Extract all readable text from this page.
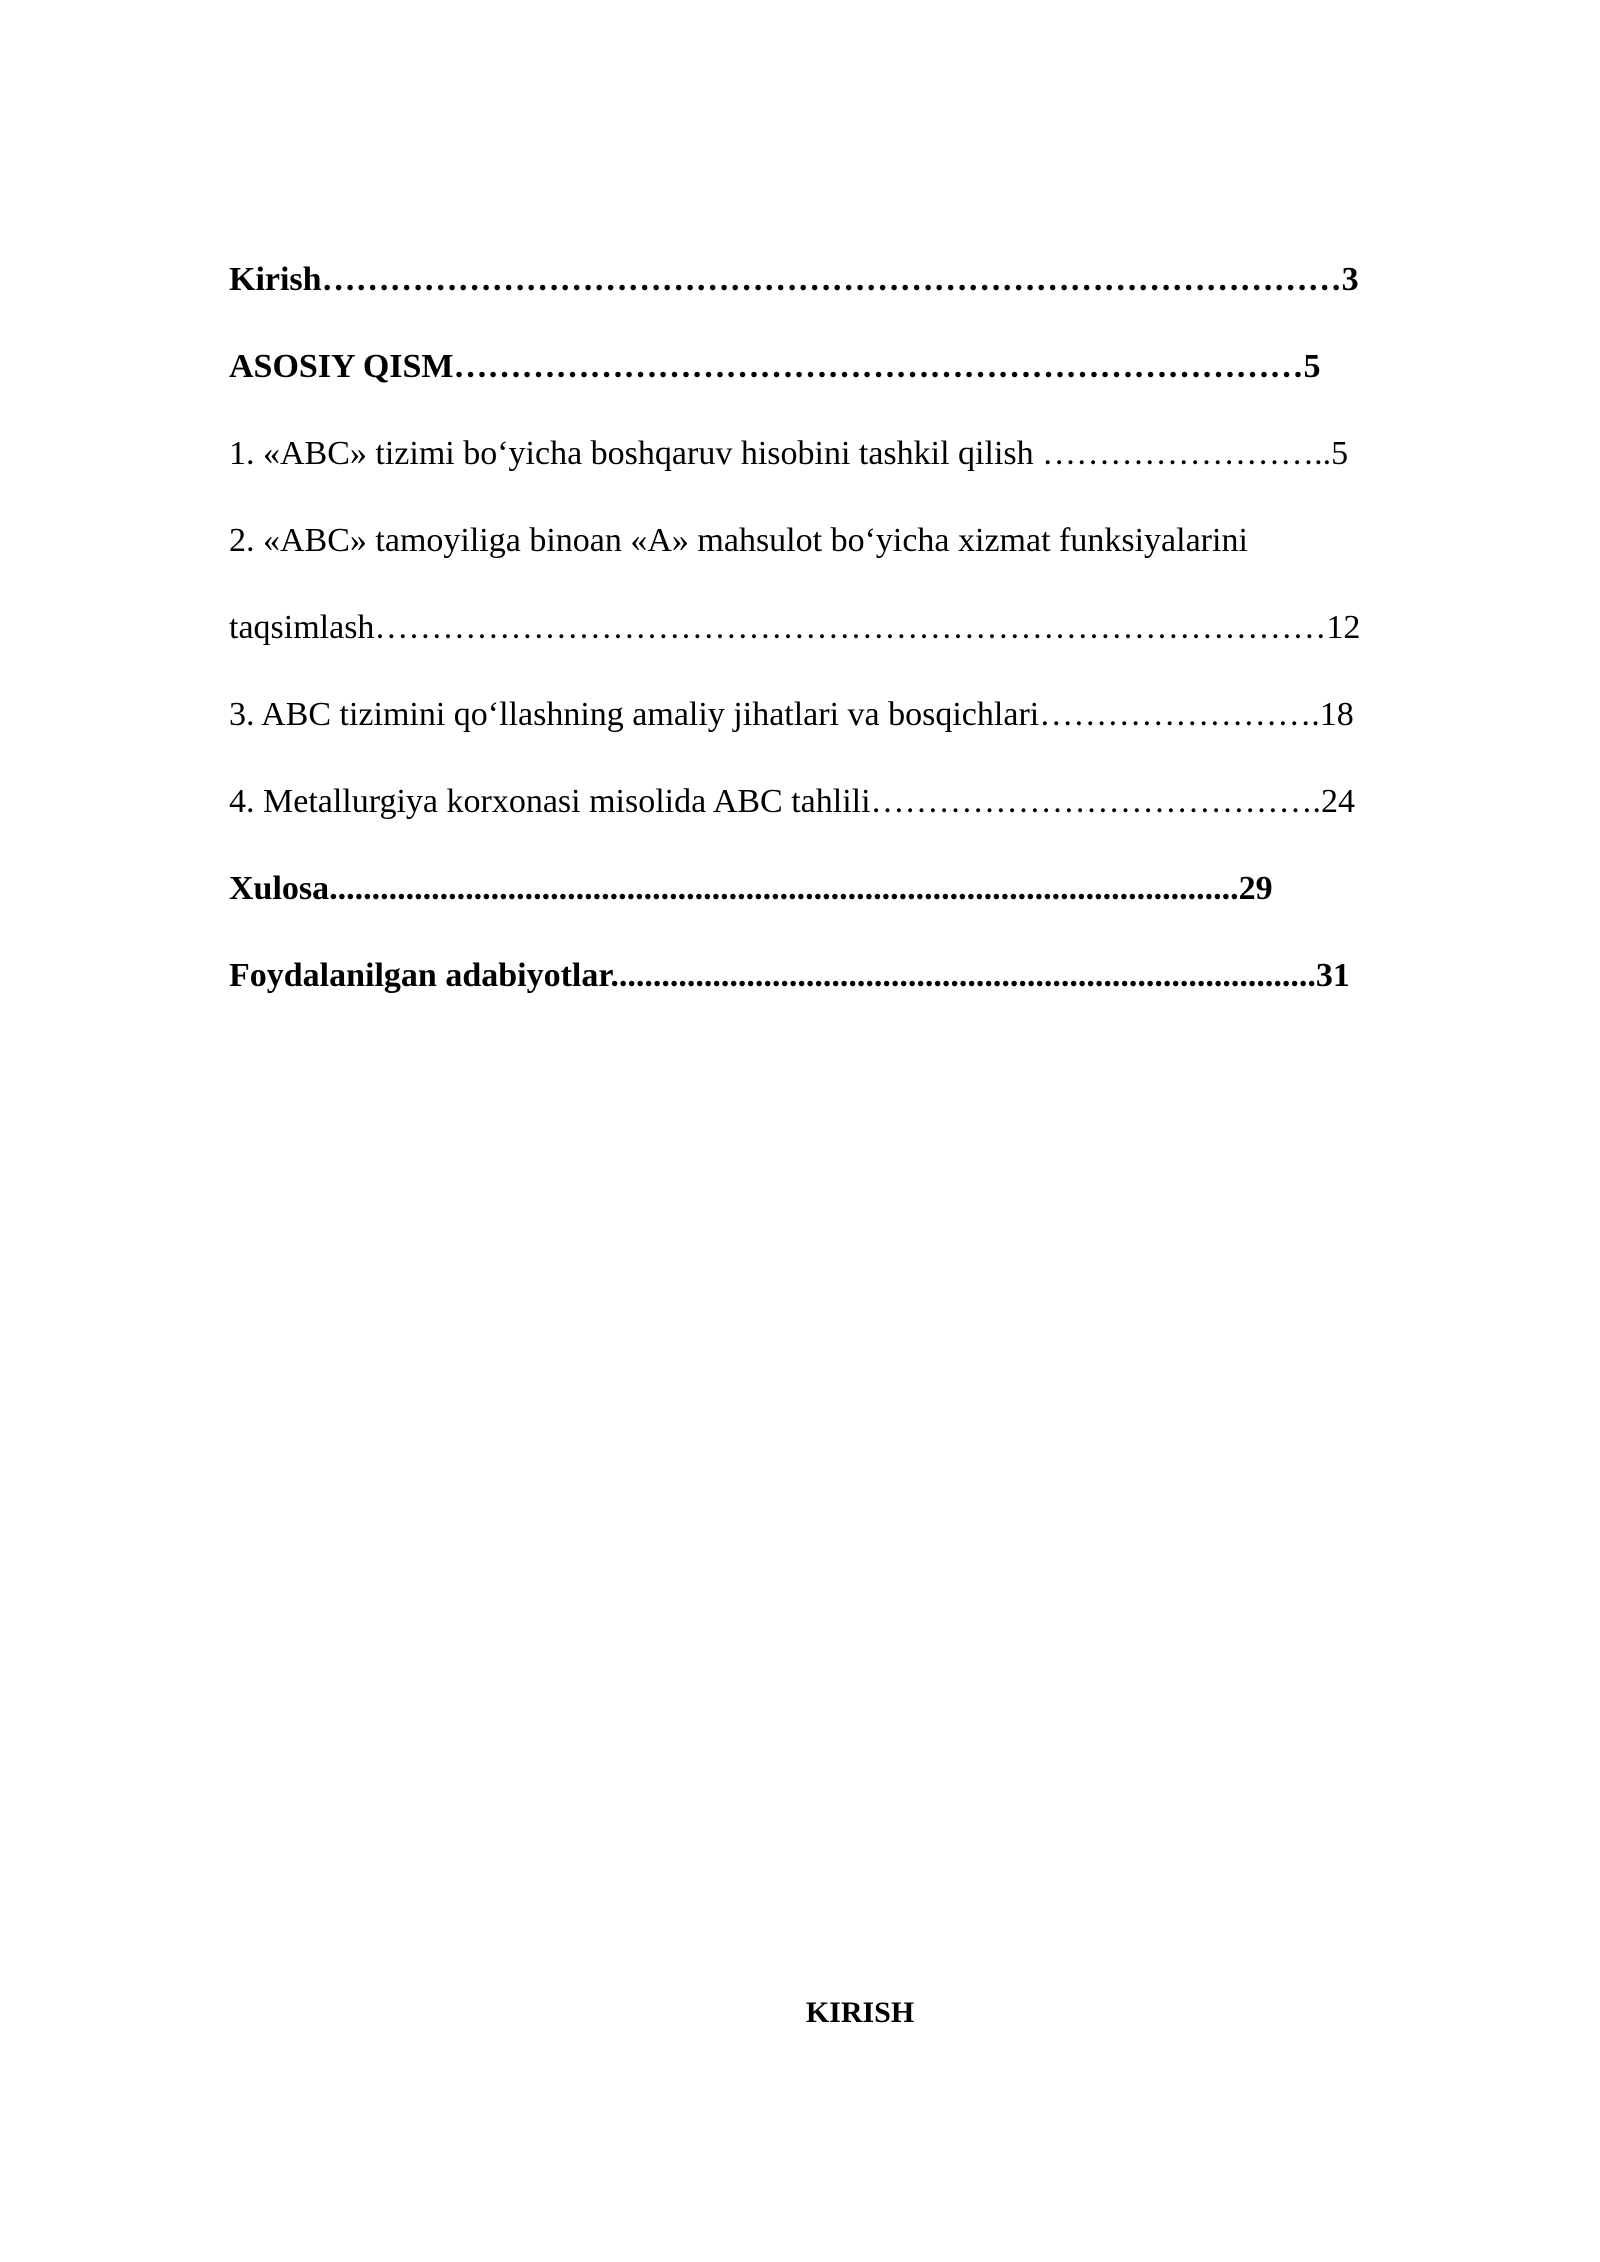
Kirish………………………………………………………………………………3
ASOSIY QISM…………………………………………………………………5
1. «ABC» tizimi bo‘yicha boshqaruv hisobini tashkil qilish ……………………..5
2. «ABC» tamoyiliga binoan «A» mahsulot bo‘yicha xizmat funksiyalarini
taqsimlash…………………………………………………………………………12
3. ABC tizimini qo‘llashning amaliy jihatlari va bosqichlari…………………….18
4. Metallurgiya korxonasi misolida ABC tahlili………………………………….24
Xulosa...........................................................................................................29
Foydalanilgan adabiyotlar...................................................................................31
KIRISH
